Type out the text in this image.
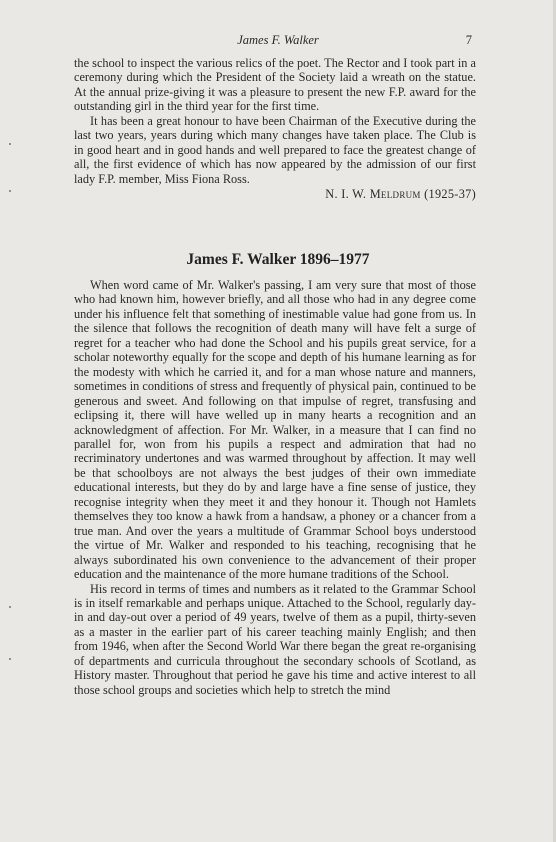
James F. Walker	7

the school to inspect the various relics of the poet. The Rector and I took part in a ceremony during which the President of the Society laid a wreath on the statue. At the annual prize-giving it was a pleasure to present the new F.P. award for the outstanding girl in the third year for the first time.

It has been a great honour to have been Chairman of the Executive during the last two years, years during which many changes have taken place. The Club is in good heart and in good hands and well prepared to face the greatest change of all, the first evidence of which has now appeared by the admission of our first lady F.P. member, Miss Fiona Ross.

N. I. W. Meldrum (1925-37)
James F. Walker 1896–1977

When word came of Mr. Walker's passing, I am very sure that most of those who had known him, however briefly, and all those who had in any degree come under his influence felt that something of inestimable value had gone from us. In the silence that follows the recognition of death many will have felt a surge of regret for a teacher who had done the School and his pupils great service, for a scholar noteworthy equally for the scope and depth of his humane learning as for the modesty with which he carried it, and for a man whose nature and manners, sometimes in conditions of stress and frequently of physical pain, continued to be generous and sweet. And following on that impulse of regret, transfusing and eclipsing it, there will have welled up in many hearts a recognition and an acknowledgment of affection. For Mr. Walker, in a measure that I can find no parallel for, won from his pupils a respect and admiration that had no recriminatory undertones and was warmed throughout by affection. It may well be that schoolboys are not always the best judges of their own immediate educational interests, but they do by and large have a fine sense of justice, they recognise integrity when they meet it and they honour it. Though not Hamlets themselves they too know a hawk from a handsaw, a phoney or a chancer from a true man. And over the years a multitude of Grammar School boys understood the virtue of Mr. Walker and responded to his teaching, recognising that he always subordinated his own convenience to the advancement of their proper education and the maintenance of the more humane traditions of the School.

His record in terms of times and numbers as it related to the Grammar School is in itself remarkable and perhaps unique. Attached to the School, regularly day-in and day-out over a period of 49 years, twelve of them as a pupil, thirty-seven as a master in the earlier part of his career teaching mainly English; and then from 1946, when after the Second World War there began the great re-organising of departments and curricula throughout the secondary schools of Scotland, as History master. Throughout that period he gave his time and active interest to all those school groups and societies which help to stretch the mind
